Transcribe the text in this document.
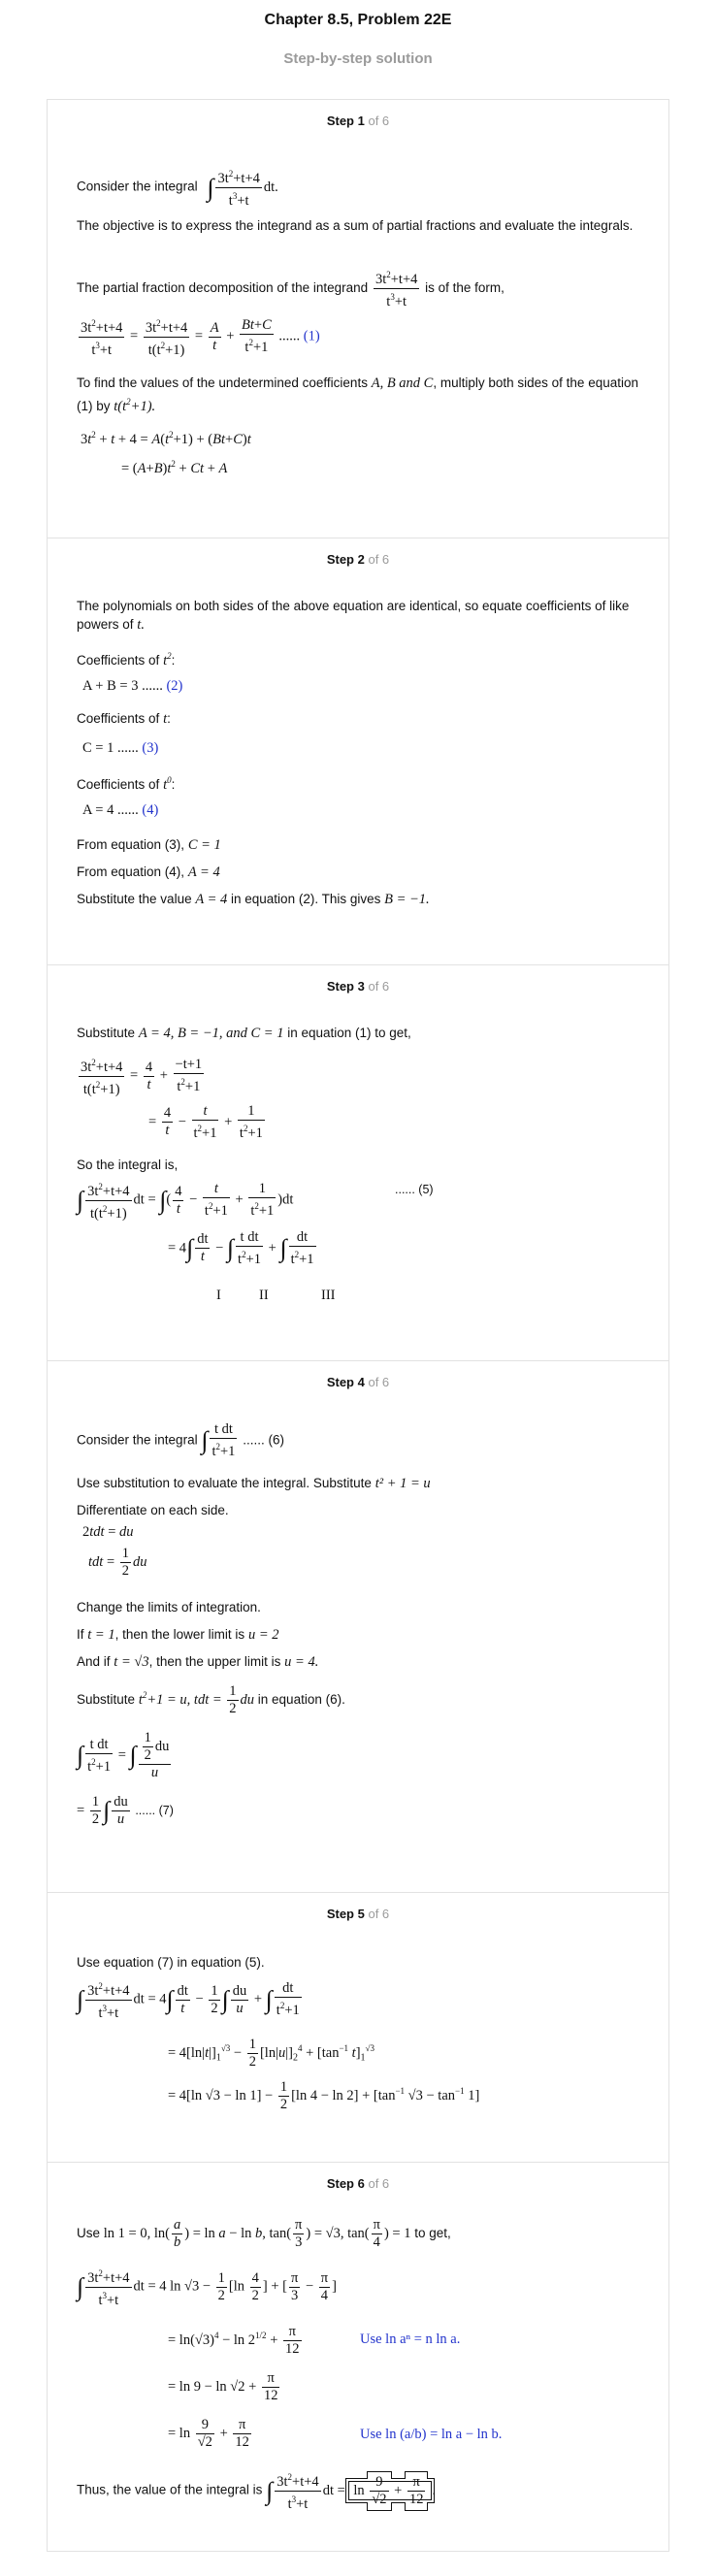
Chapter 8.5, Problem 22E
Step-by-step solution
Step 1 of 6
Consider the integral ∫ $\frac{3t^2+t+4}{t^3+t}$ dt.
The objective is to express the integrand as a sum of partial fractions and evaluate the integrals.
The partial fraction decomposition of the integrand $\frac{3t^2+t+4}{t^3+t}$ is of the form,
$\frac{3t^2+t+4}{t^3+t} = \frac{3t^2+t+4}{t(t^2+1)} = \frac{A}{t} + \frac{Bt+C}{t^2+1}$ ...... (1)
To find the values of the undetermined coefficients A, B and C, multiply both sides of the equation (1) by $t(t^2+1)$.
$3t^2 + t + 4 = A(t^2+1) + (Bt+C)t$
= $(A+B)t^2 + Ct + A$
Step 2 of 6
The polynomials on both sides of the above equation are identical, so equate coefficients of like powers of t.
Coefficients of $t^2$:
A + B = 3 ...... (2)
Coefficients of t:
C = 1 ...... (3)
Coefficients of $t^0$:
A = 4 ...... (4)
From equation (3), C = 1
From equation (4), A = 4
Substitute the value A = 4 in equation (2). This gives B = −1.
Step 3 of 6
Substitute A = 4, B = −1, and C = 1 in equation (1) to get,
$\frac{3t^2+t+4}{t(t^2+1)} = \frac{4}{t} + \frac{-t+1}{t^2+1}$
= $\frac{4}{t} - \frac{t}{t^2+1} + \frac{1}{t^2+1}$
So the integral is,
∫ $\frac{3t^2+t+4}{t(t^2+1)}$ dt = ∫( $\frac{4}{t} - \frac{t}{t^2+1} + \frac{1}{t^2+1} )dt$
...... (5)
= $4\int \frac{dt}{t}$ − ∫ $\frac{\text{t dt}}{t^2+1}$ + ∫ $\frac{dt}{t^2+1}$
I	II	III
Step 4 of 6
Consider the integral ∫ $\frac{\text{t dt}}{t^2+1}$ ...... (6)
Use substitution to evaluate the integral. Substitute t² + 1 = u
Differentiate on each side.
2tdt = du
tdt = $\frac{1}{2}$ du
Change the limits of integration.
If t = 1, then the lower limit is u = 2
And if t = √3, then the upper limit is u = 4.
Substitute $t^2+1 = u$, tdt = $\frac{1}{2}$ du in equation (6).
∫ $\frac{\text{t dt}}{t^2+1}$ = ∫ $\frac{\frac{1}{2} du}{u}$
= $\frac{1}{2}$ ∫ $\frac{du}{u}$ ...... (7)
Step 5 of 6
Use equation (7) in equation (5).
∫ $\frac{3t^2+t+4}{t^3+t}$ dt = $4\int \frac{dt}{t} - \frac{1}{2}$ ∫ $\frac{du}{u}$ + ∫ $\frac{dt}{t^2+1}$
= $4[\ln|t|]_1^{√3} - \frac{1}{2} [\ln|u|]_2^4 + [\tan^{-1}$ $t]_1^{√3}$
= 4[ln $√3 - \ln 1] - \frac{1}{2} [\ln$ $4 - \ln 2] + [\tan^{-1}$ $√3 - \tan^{-1} 1$]
Step 6 of 6
Use ln 1 = 0, $\ln( \frac{a}{b}$ ) = ln a − ln b, $\tan( \frac{\pi}{3}$ ) = √3, $\tan( \frac{\pi}{4}$ ) = 1 to get,
∫ $\frac{3t^2+t+4}{t^3+t}$ dt = 4 $\ln √3 - \frac{1}{2} [\ln \frac{4}{2}$ ] + [ $\frac{\pi}{3} - \frac{\pi}{4}$ ]
= $\ln(√3)^4 - \ln 2^{1/2} + \frac{\pi}{12}$	Use ln aⁿ = n ln a.
= $\ln 9 - \ln √2 + \frac{\pi}{12}$
= $\ln \frac{9}{√2} + \frac{\pi}{12}$	Use ln (a/b) = ln a − ln b.
Thus, the value of the integral is ∫ $\frac{3t^2+t+4}{t^3+t}$ dt = $\ln \frac{9}{√2} + \frac{\pi}{12}$ .
